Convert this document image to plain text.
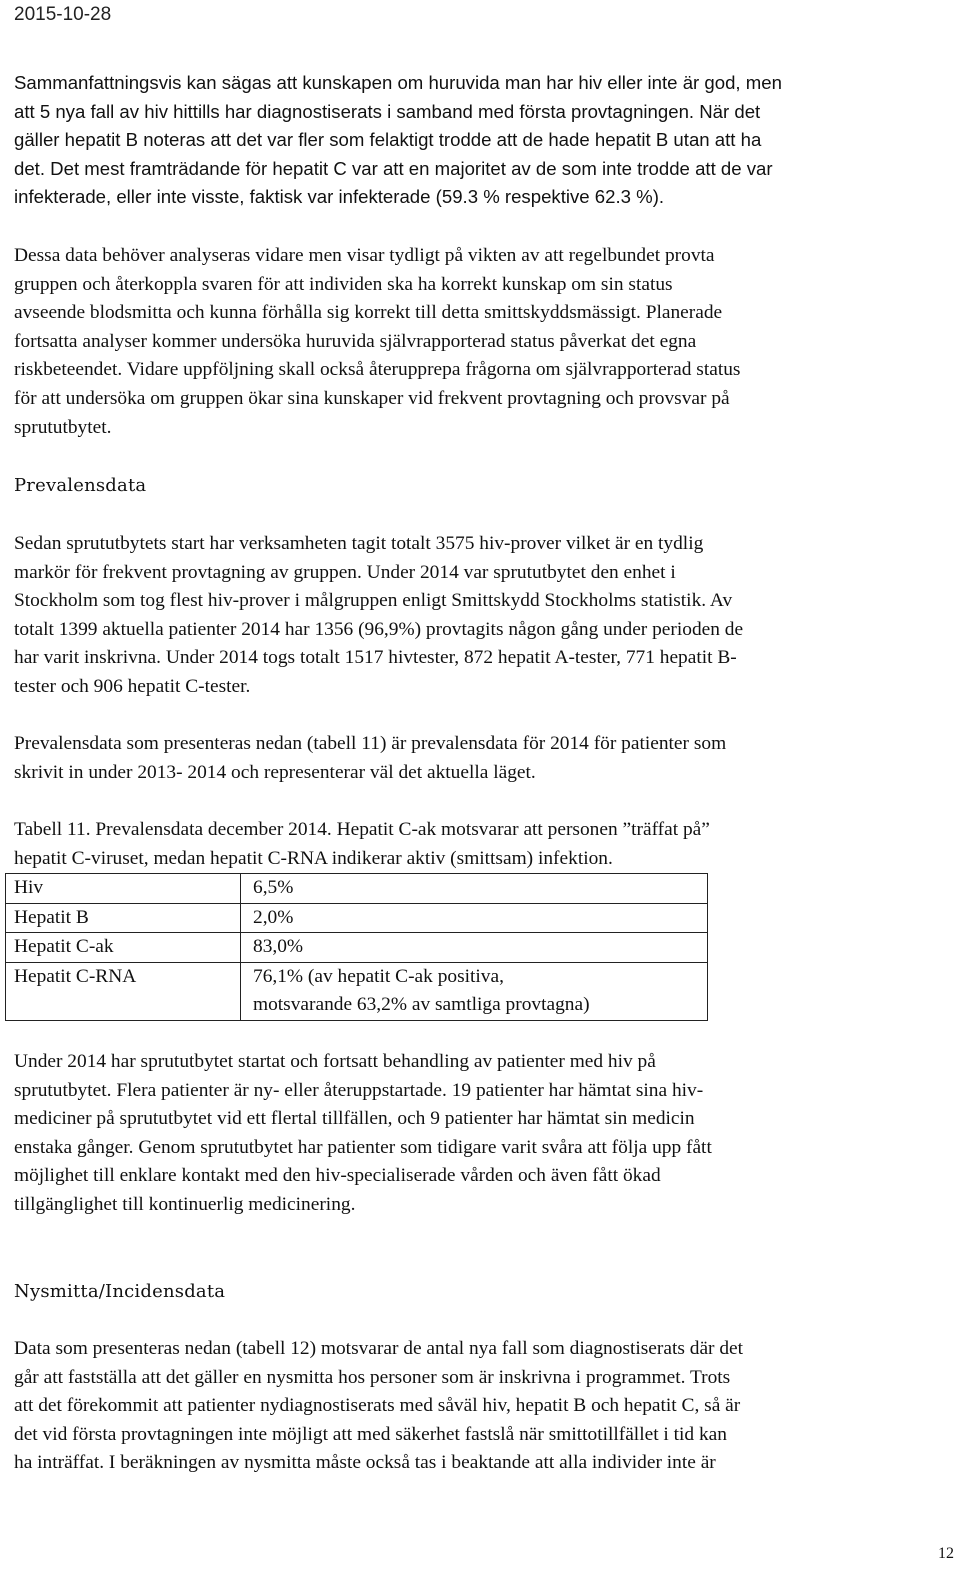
2015-10-28

Sammanfattningsvis kan sägas att kunskapen om huruvida man har hiv eller inte är god, men
att 5 nya fall av hiv hittills har diagnostiserats i samband med första provtagningen. När det
gäller hepatit B noteras att det var fler som felaktigt trodde att de hade hepatit B utan att ha
det. Det mest framträdande för hepatit C var att en majoritet av de som inte trodde att de var
infekterade, eller inte visste, faktisk var infekterade (59.3 % respektive 62.3 %).

Dessa data behöver analyseras vidare men visar tydligt på vikten av att regelbundet provta
gruppen och återkoppla svaren för att individen ska ha korrekt kunskap om sin status
avseende blodsmitta och kunna förhålla sig korrekt till detta smittskyddsmässigt. Planerade
fortsatta analyser kommer undersöka huruvida självrapporterad status påverkat det egna
riskbeteendet. Vidare uppföljning skall också återupprepa frågorna om självrapporterad status
för att undersöka om gruppen ökar sina kunskaper vid frekvent provtagning och provsvar på
sprututbytet.

Prevalensdata

Sedan sprututbytets start har verksamheten tagit totalt 3575 hiv-prover vilket är en tydlig
markör för frekvent provtagning av gruppen. Under 2014 var sprututbytet den enhet i
Stockholm som tog flest hiv-prover i målgruppen enligt Smittskydd Stockholms statistik. Av
totalt 1399 aktuella patienter 2014 har 1356 (96,9%) provtagits någon gång under perioden de
har varit inskrivna. Under 2014 togs totalt 1517 hivtester, 872 hepatit A-tester, 771 hepatit B-
tester och 906 hepatit C-tester.

Prevalensdata som presenteras nedan (tabell 11) är prevalensdata för 2014 för patienter som
skrivit in under 2013- 2014 och representerar väl det aktuella läget.

Tabell 11. Prevalensdata december 2014. Hepatit C-ak motsvarar att personen ”träffat på”
hepatit C-viruset, medan hepatit C-RNA indikerar aktiv (smittsam) infektion.

Hiv	6,5%
Hepatit B	2,0%
Hepatit C-ak	83,0%
Hepatit C-RNA	76,1% (av hepatit C-ak positiva,
motsvarande 63,2% av samtliga provtagna)

Under 2014 har sprututbytet startat och fortsatt behandling av patienter med hiv på
sprututbytet. Flera patienter är ny- eller återuppstartade. 19 patienter har hämtat sina hiv-
mediciner på sprututbytet vid ett flertal tillfällen, och 9 patienter har hämtat sin medicin
enstaka gånger. Genom sprututbytet har patienter som tidigare varit svåra att följa upp fått
möjlighet till enklare kontakt med den hiv-specialiserade vården och även fått ökad
tillgänglighet till kontinuerlig medicinering.

Nysmitta/Incidensdata

Data som presenteras nedan (tabell 12) motsvarar de antal nya fall som diagnostiserats där det
går att fastställa att det gäller en nysmitta hos personer som är inskrivna i programmet. Trots
att det förekommit att patienter nydiagnostiserats med såväl hiv, hepatit B och hepatit C, så är
det vid första provtagningen inte möjligt att med säkerhet fastslå när smittotillfället i tid kan
ha inträffat. I beräkningen av nysmitta måste också tas i beaktande att alla individer inte är

12
